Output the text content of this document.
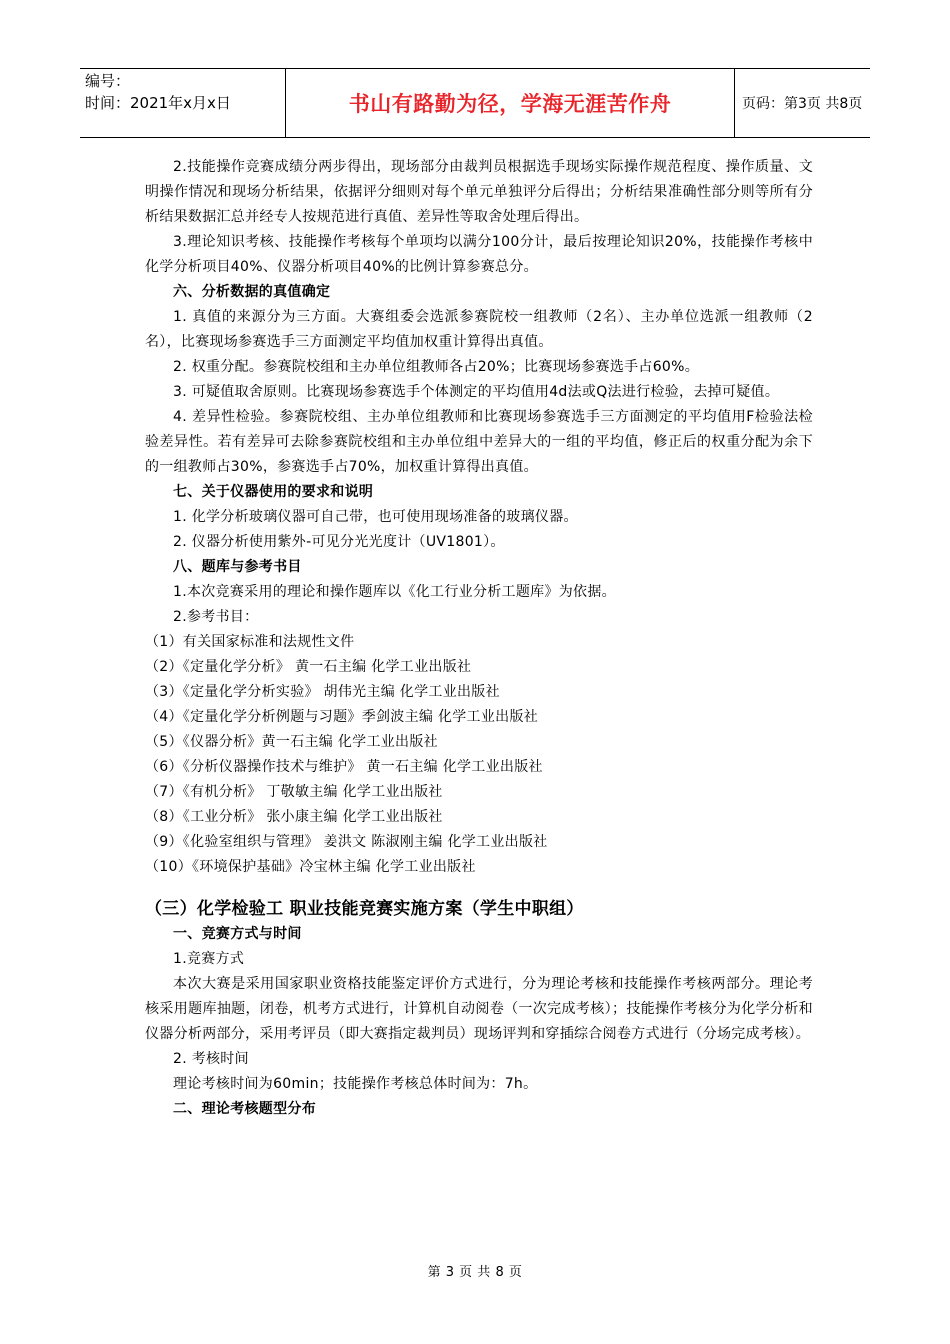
编号：
时间：2021年x月x日	书山有路勤为径，学海无涯苦作舟	页码：第3页 共8页

2.技能操作竞赛成绩分两步得出，现场部分由裁判员根据选手现场实际操作规范程度、操作质量、文明操作情况和现场分析结果，依据评分细则对每个单元单独评分后得出；分析结果准确性部分则等所有分析结果数据汇总并经专人按规范进行真值、差异性等取舍处理后得出。

3.理论知识考核、技能操作考核每个单项均以满分100分计，最后按理论知识20%，技能操作考核中化学分析项目40%、仪器分析项目40%的比例计算参赛总分。

六、分析数据的真值确定

1. 真值的来源分为三方面。大赛组委会选派参赛院校一组教师（2名）、主办单位选派一组教师（2名），比赛现场参赛选手三方面测定平均值加权重计算得出真值。

2. 权重分配。参赛院校组和主办单位组教师各占20%；比赛现场参赛选手占60%。

3. 可疑值取舍原则。比赛现场参赛选手个体测定的平均值用4d法或Q法进行检验，去掉可疑值。

4. 差异性检验。参赛院校组、主办单位组教师和比赛现场参赛选手三方面测定的平均值用F检验法检验差异性。若有差异可去除参赛院校组和主办单位组中差异大的一组的平均值，修正后的权重分配为余下的一组教师占30%，参赛选手占70%，加权重计算得出真值。

七、关于仪器使用的要求和说明

1. 化学分析玻璃仪器可自己带，也可使用现场准备的玻璃仪器。

2. 仪器分析使用紫外-可见分光光度计（UV1801）。

八、题库与参考书目

1.本次竞赛采用的理论和操作题库以《化工行业分析工题库》为依据。

2.参考书目：

（1）有关国家标准和法规性文件

（2）《定量化学分析》 黄一石主编 化学工业出版社

（3）《定量化学分析实验》 胡伟光主编 化学工业出版社

（4）《定量化学分析例题与习题》季剑波主编 化学工业出版社

（5）《仪器分析》黄一石主编 化学工业出版社

（6）《分析仪器操作技术与维护》 黄一石主编 化学工业出版社

（7）《有机分析》 丁敬敏主编 化学工业出版社

（8）《工业分析》 张小康主编 化学工业出版社

（9）《化验室组织与管理》 姜洪文 陈淑刚主编 化学工业出版社

（10）《环境保护基础》冷宝林主编 化学工业出版社

（三）化学检验工 职业技能竞赛实施方案（学生中职组）

一、竞赛方式与时间

1.竞赛方式

本次大赛是采用国家职业资格技能鉴定评价方式进行，分为理论考核和技能操作考核两部分。理论考核采用题库抽题，闭卷，机考方式进行，计算机自动阅卷（一次完成考核）；技能操作考核分为化学分析和仪器分析两部分，采用考评员（即大赛指定裁判员）现场评判和穿插综合阅卷方式进行（分场完成考核）。

2. 考核时间

理论考核时间为60min；技能操作考核总体时间为：7h。

二、理论考核题型分布

第 3 页 共 8 页
